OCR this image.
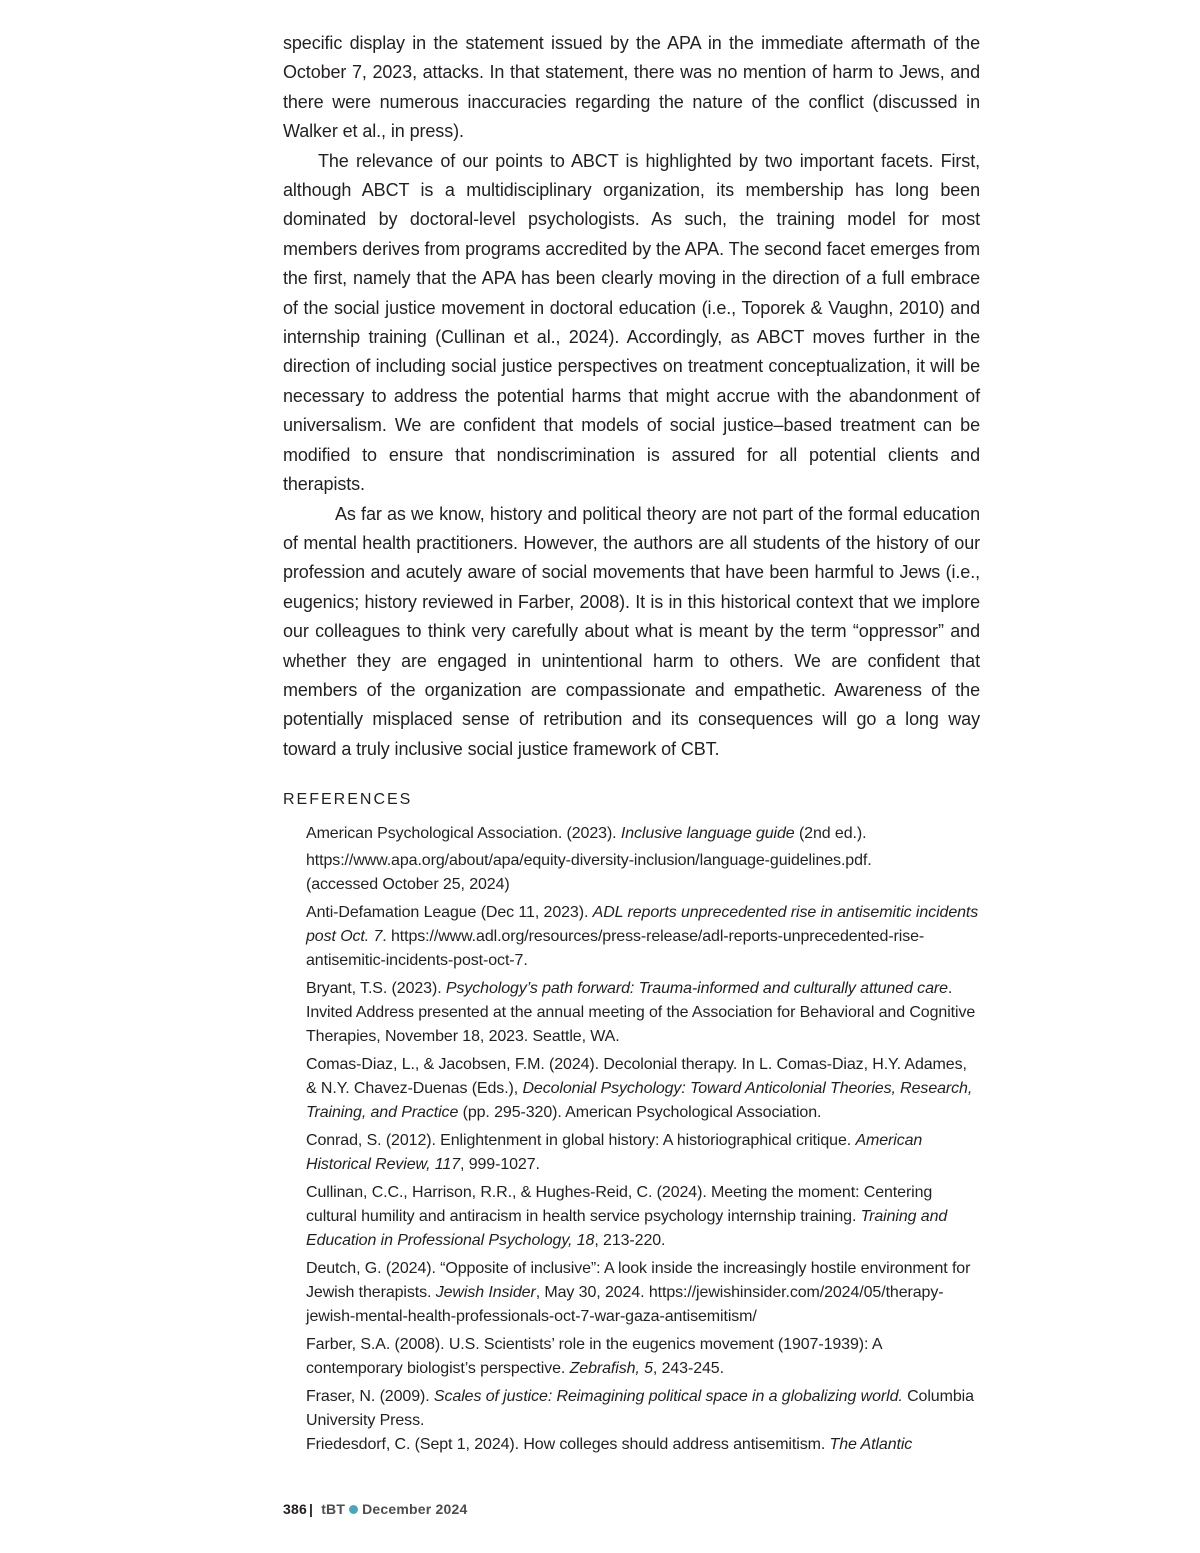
specific display in the statement issued by the APA in the immediate aftermath of the October 7, 2023, attacks. In that statement, there was no mention of harm to Jews, and there were numerous inaccuracies regarding the nature of the conflict (discussed in Walker et al., in press).

The relevance of our points to ABCT is highlighted by two important facets. First, although ABCT is a multidisciplinary organization, its membership has long been dominated by doctoral-level psychologists. As such, the training model for most members derives from programs accredited by the APA. The second facet emerges from the first, namely that the APA has been clearly moving in the direction of a full embrace of the social justice movement in doctoral education (i.e., Toporek & Vaughn, 2010) and internship training (Cullinan et al., 2024). Accordingly, as ABCT moves further in the direction of including social justice perspectives on treatment conceptualization, it will be necessary to address the potential harms that might accrue with the abandonment of universalism. We are confident that models of social justice–based treatment can be modified to ensure that nondiscrimination is assured for all potential clients and therapists.

As far as we know, history and political theory are not part of the formal education of mental health practitioners. However, the authors are all students of the history of our profession and acutely aware of social movements that have been harmful to Jews (i.e., eugenics; history reviewed in Farber, 2008). It is in this historical context that we implore our colleagues to think very carefully about what is meant by the term “oppressor” and whether they are engaged in unintentional harm to others. We are confident that members of the organization are compassionate and empathetic. Awareness of the potentially misplaced sense of retribution and its consequences will go a long way toward a truly inclusive social justice framework of CBT.

REFERENCES
American Psychological Association. (2023). Inclusive language guide (2nd ed.).
https://www.apa.org/about/apa/equity-diversity-inclusion/language-guidelines.pdf.
(accessed October 25, 2024)
Anti-Defamation League (Dec 11, 2023). ADL reports unprecedented rise in antisemitic incidents post Oct. 7. https://www.adl.org/resources/press-release/adl-reports-unprecedented-rise-antisemitic-incidents-post-oct-7.
Bryant, T.S. (2023). Psychology’s path forward: Trauma-informed and culturally attuned care. Invited Address presented at the annual meeting of the Association for Behavioral and Cognitive Therapies, November 18, 2023. Seattle, WA.
Comas-Diaz, L., & Jacobsen, F.M. (2024). Decolonial therapy. In L. Comas-Diaz, H.Y. Adames, & N.Y. Chavez-Duenas (Eds.), Decolonial Psychology: Toward Anticolonial Theories, Research, Training, and Practice (pp. 295-320). American Psychological Association.
Conrad, S. (2012). Enlightenment in global history: A historiographical critique. American Historical Review, 117, 999-1027.
Cullinan, C.C., Harrison, R.R., & Hughes-Reid, C. (2024). Meeting the moment: Centering cultural humility and antiracism in health service psychology internship training. Training and Education in Professional Psychology, 18, 213-220.
Deutch, G. (2024). “Opposite of inclusive”: A look inside the increasingly hostile environment for Jewish therapists. Jewish Insider, May 30, 2024. https://jewishinsider.com/2024/05/therapy-jewish-mental-health-professionals-oct-7-war-gaza-antisemitism/
Farber, S.A. (2008). U.S. Scientists’ role in the eugenics movement (1907-1939): A contemporary biologist’s perspective. Zebrafish, 5, 243-245.
Fraser, N. (2009). Scales of justice: Reimagining political space in a globalizing world. Columbia University Press.
Friedesdorf, C. (Sept 1, 2024). How colleges should address antisemitism. The Atlantic
386 | tBT December 2024
